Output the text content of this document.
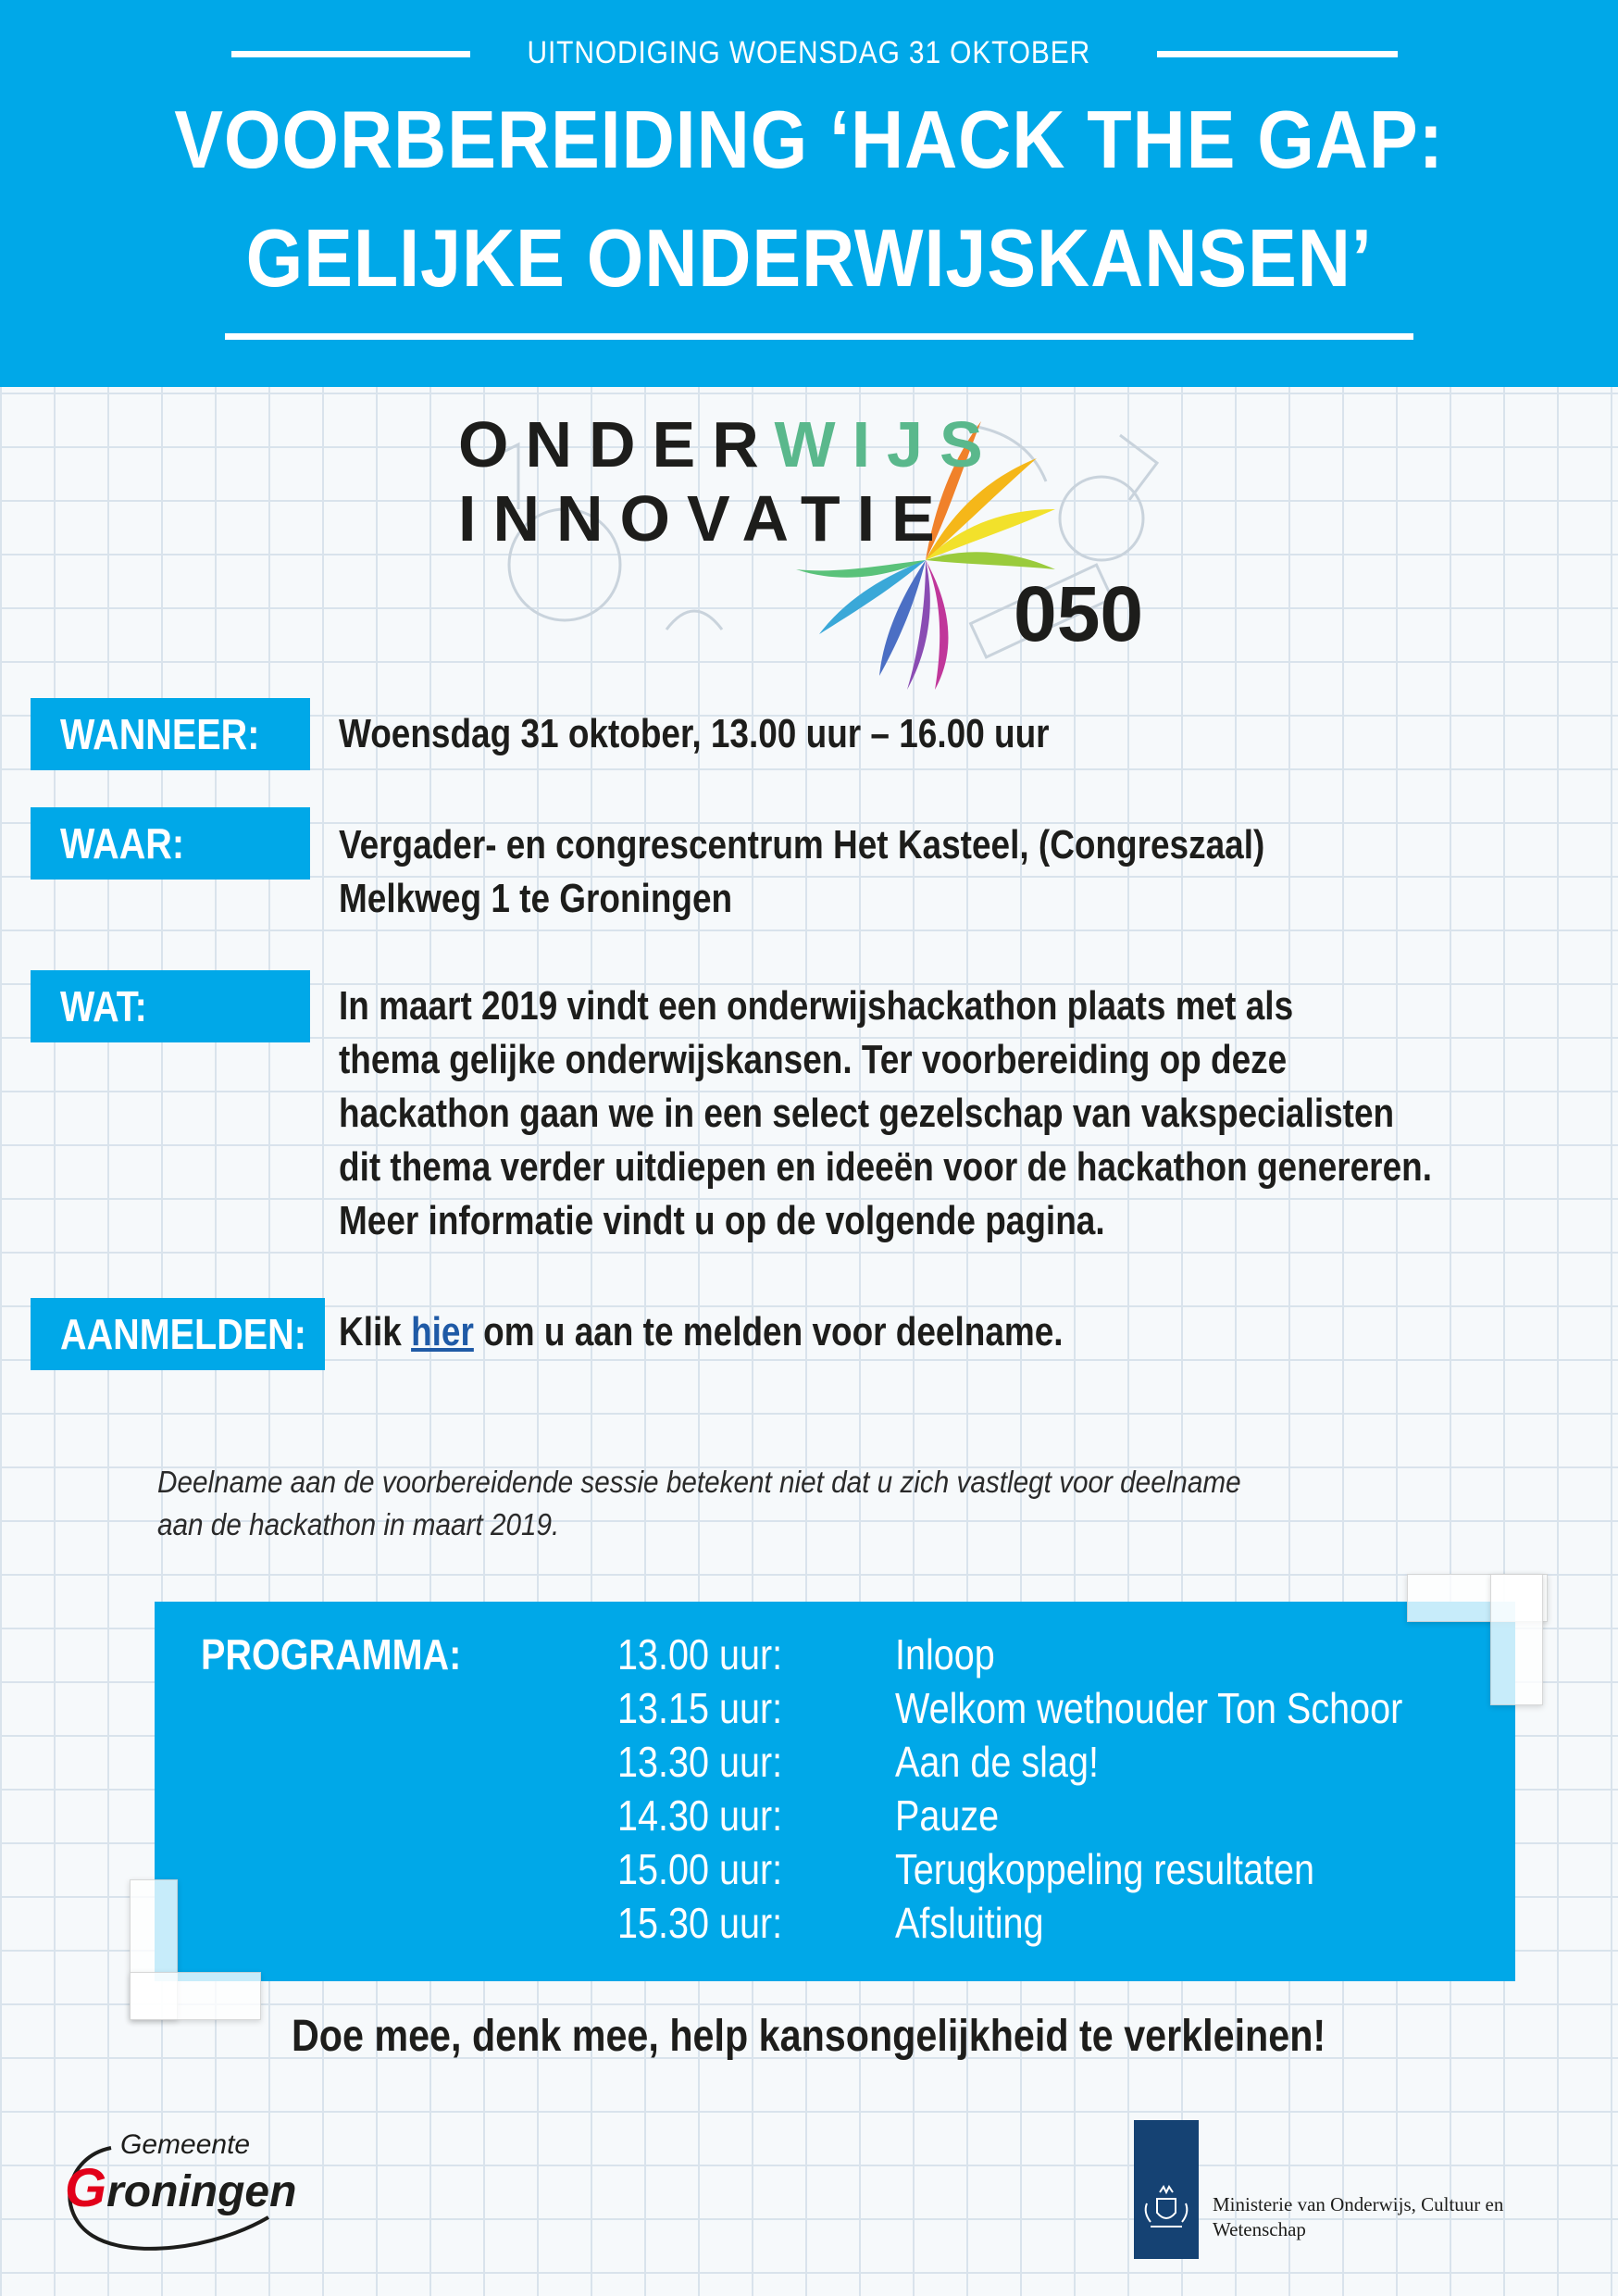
UITNODIGING WOENSDAG 31 OKTOBER
VOORBEREIDING ‘HACK THE GAP:
GELIJKE ONDERWIJSKANSEN’
ONDERWIJS
INNOVATIE
050
WANNEER:	Woensdag 31 oktober, 13.00 uur – 16.00 uur
WAAR:	Vergader- en congrescentrum Het Kasteel, (Congreszaal)
Melkweg 1 te Groningen
WAT:	In maart 2019 vindt een onderwijshackathon plaats met als
thema gelijke onderwijskansen. Ter voorbereiding op deze
hackathon gaan we in een select gezelschap van vakspecialisten
dit thema verder uitdiepen en ideeën voor de hackathon genereren.
Meer informatie vindt u op de volgende pagina.
AANMELDEN: Klik hier om u aan te melden voor deelname.
Deelname aan de voorbereidende sessie betekent niet dat u zich vastlegt voor deelname
aan de hackathon in maart 2019.
PROGRAMMA:	13.00 uur:	Inloop
13.15 uur:	Welkom wethouder Ton Schoor
13.30 uur:	Aan de slag!
14.30 uur:	Pauze
15.00 uur:	Terugkoppeling resultaten
15.30 uur:	Afsluiting
Doe mee, denk mee, help kansongelijkheid te verkleinen!
Gemeente
Groningen	Ministerie van Onderwijs, Cultuur en
Wetenschap
